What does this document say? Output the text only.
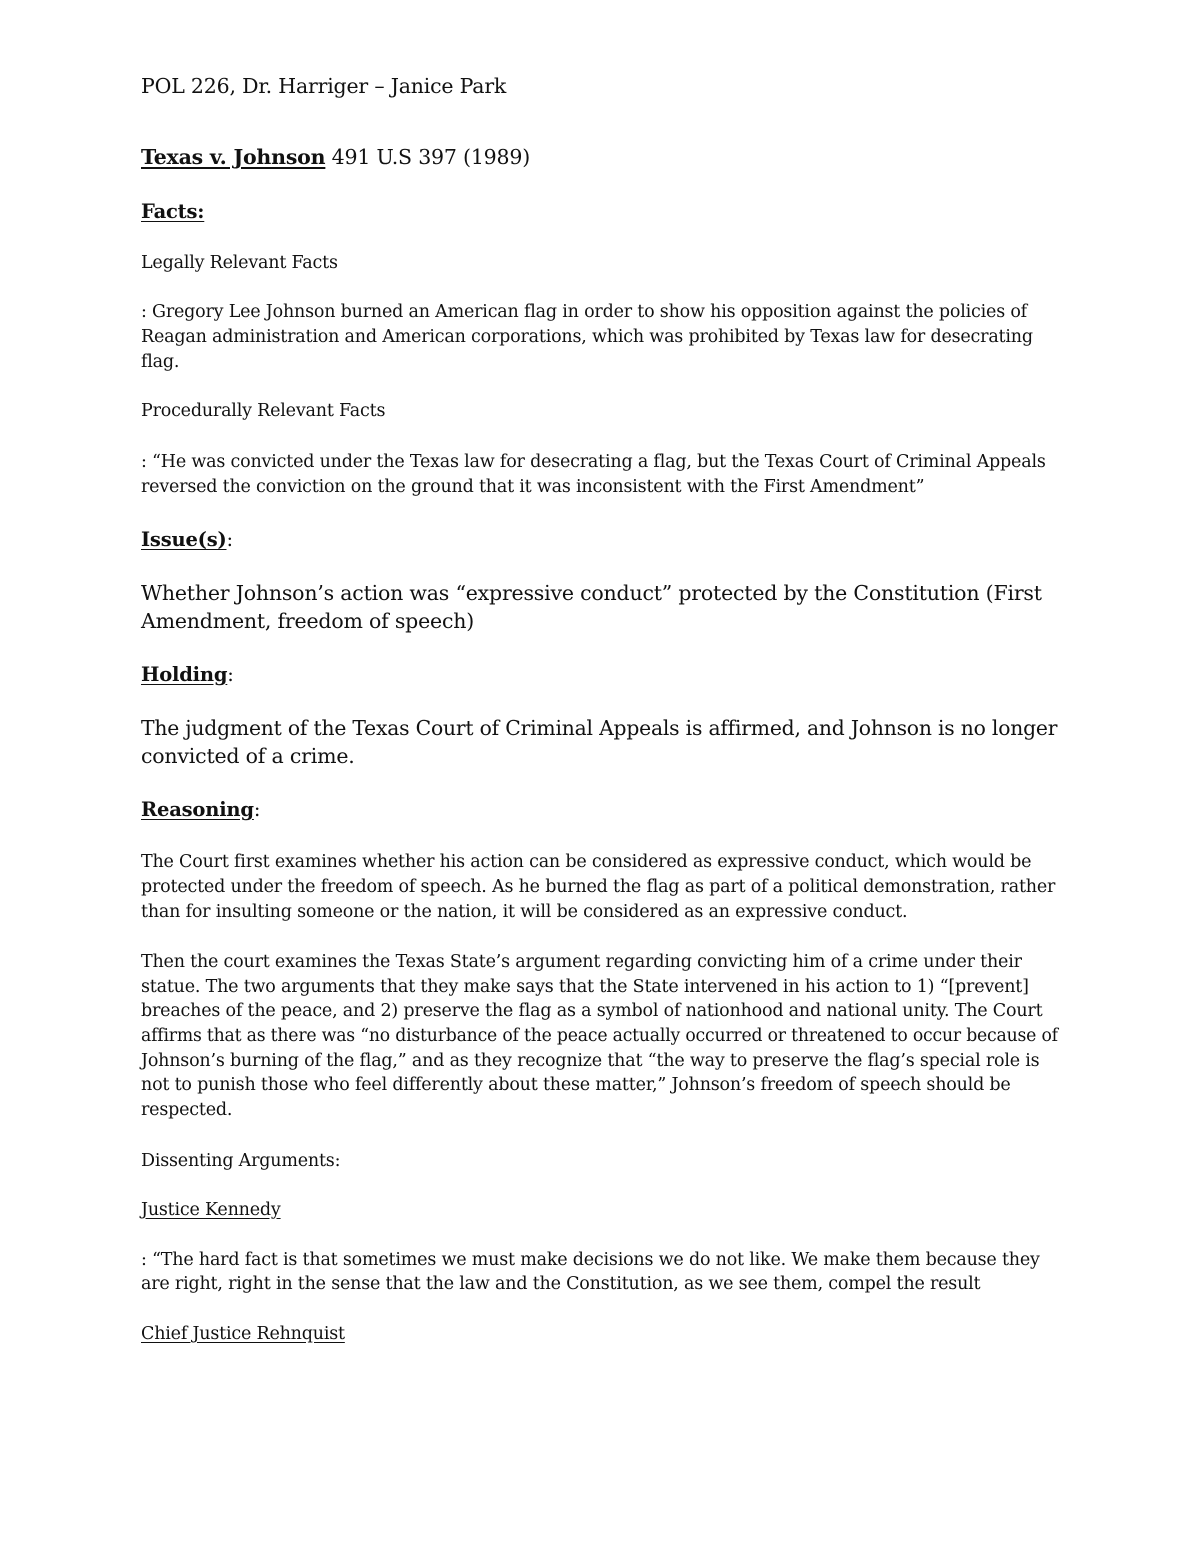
POL 226, Dr. Harriger – Janice Park

Texas v. Johnson 491 U.S 397 (1989)

Facts:

Legally Relevant Facts

: Gregory Lee Johnson burned an American flag in order to show his opposition against the policies of

Reagan administration and American corporations, which was prohibited by Texas law for desecrating

flag.

Procedurally Relevant Facts

: “He was convicted under the Texas law for desecrating a flag, but the Texas Court of Criminal Appeals

reversed the conviction on the ground that it was inconsistent with the First Amendment”

Issue(s):

Whether Johnson’s action was “expressive conduct” protected by the Constitution (First

Amendment, freedom of speech)

Holding:

The judgment of the Texas Court of Criminal Appeals is affirmed, and Johnson is no longer

convicted of a crime.

Reasoning:

The Court first examines whether his action can be considered as expressive conduct, which would be

protected under the freedom of speech. As he burned the flag as part of a political demonstration, rather

than for insulting someone or the nation, it will be considered as an expressive conduct.

Then the court examines the Texas State’s argument regarding convicting him of a crime under their

statue. The two arguments that they make says that the State intervened in his action to 1) “[prevent]

breaches of the peace, and 2) preserve the flag as a symbol of nationhood and national unity. The Court

affirms that as there was “no disturbance of the peace actually occurred or threatened to occur because of

Johnson’s burning of the flag,” and as they recognize that “the way to preserve the flag’s special role is

not to punish those who feel differently about these matter,” Johnson’s freedom of speech should be

respected.

Dissenting Arguments:

Justice Kennedy

: “The hard fact is that sometimes we must make decisions we do not like. We make them because they

are right, right in the sense that the law and the Constitution, as we see them, compel the result

Chief Justice Rehnquist
